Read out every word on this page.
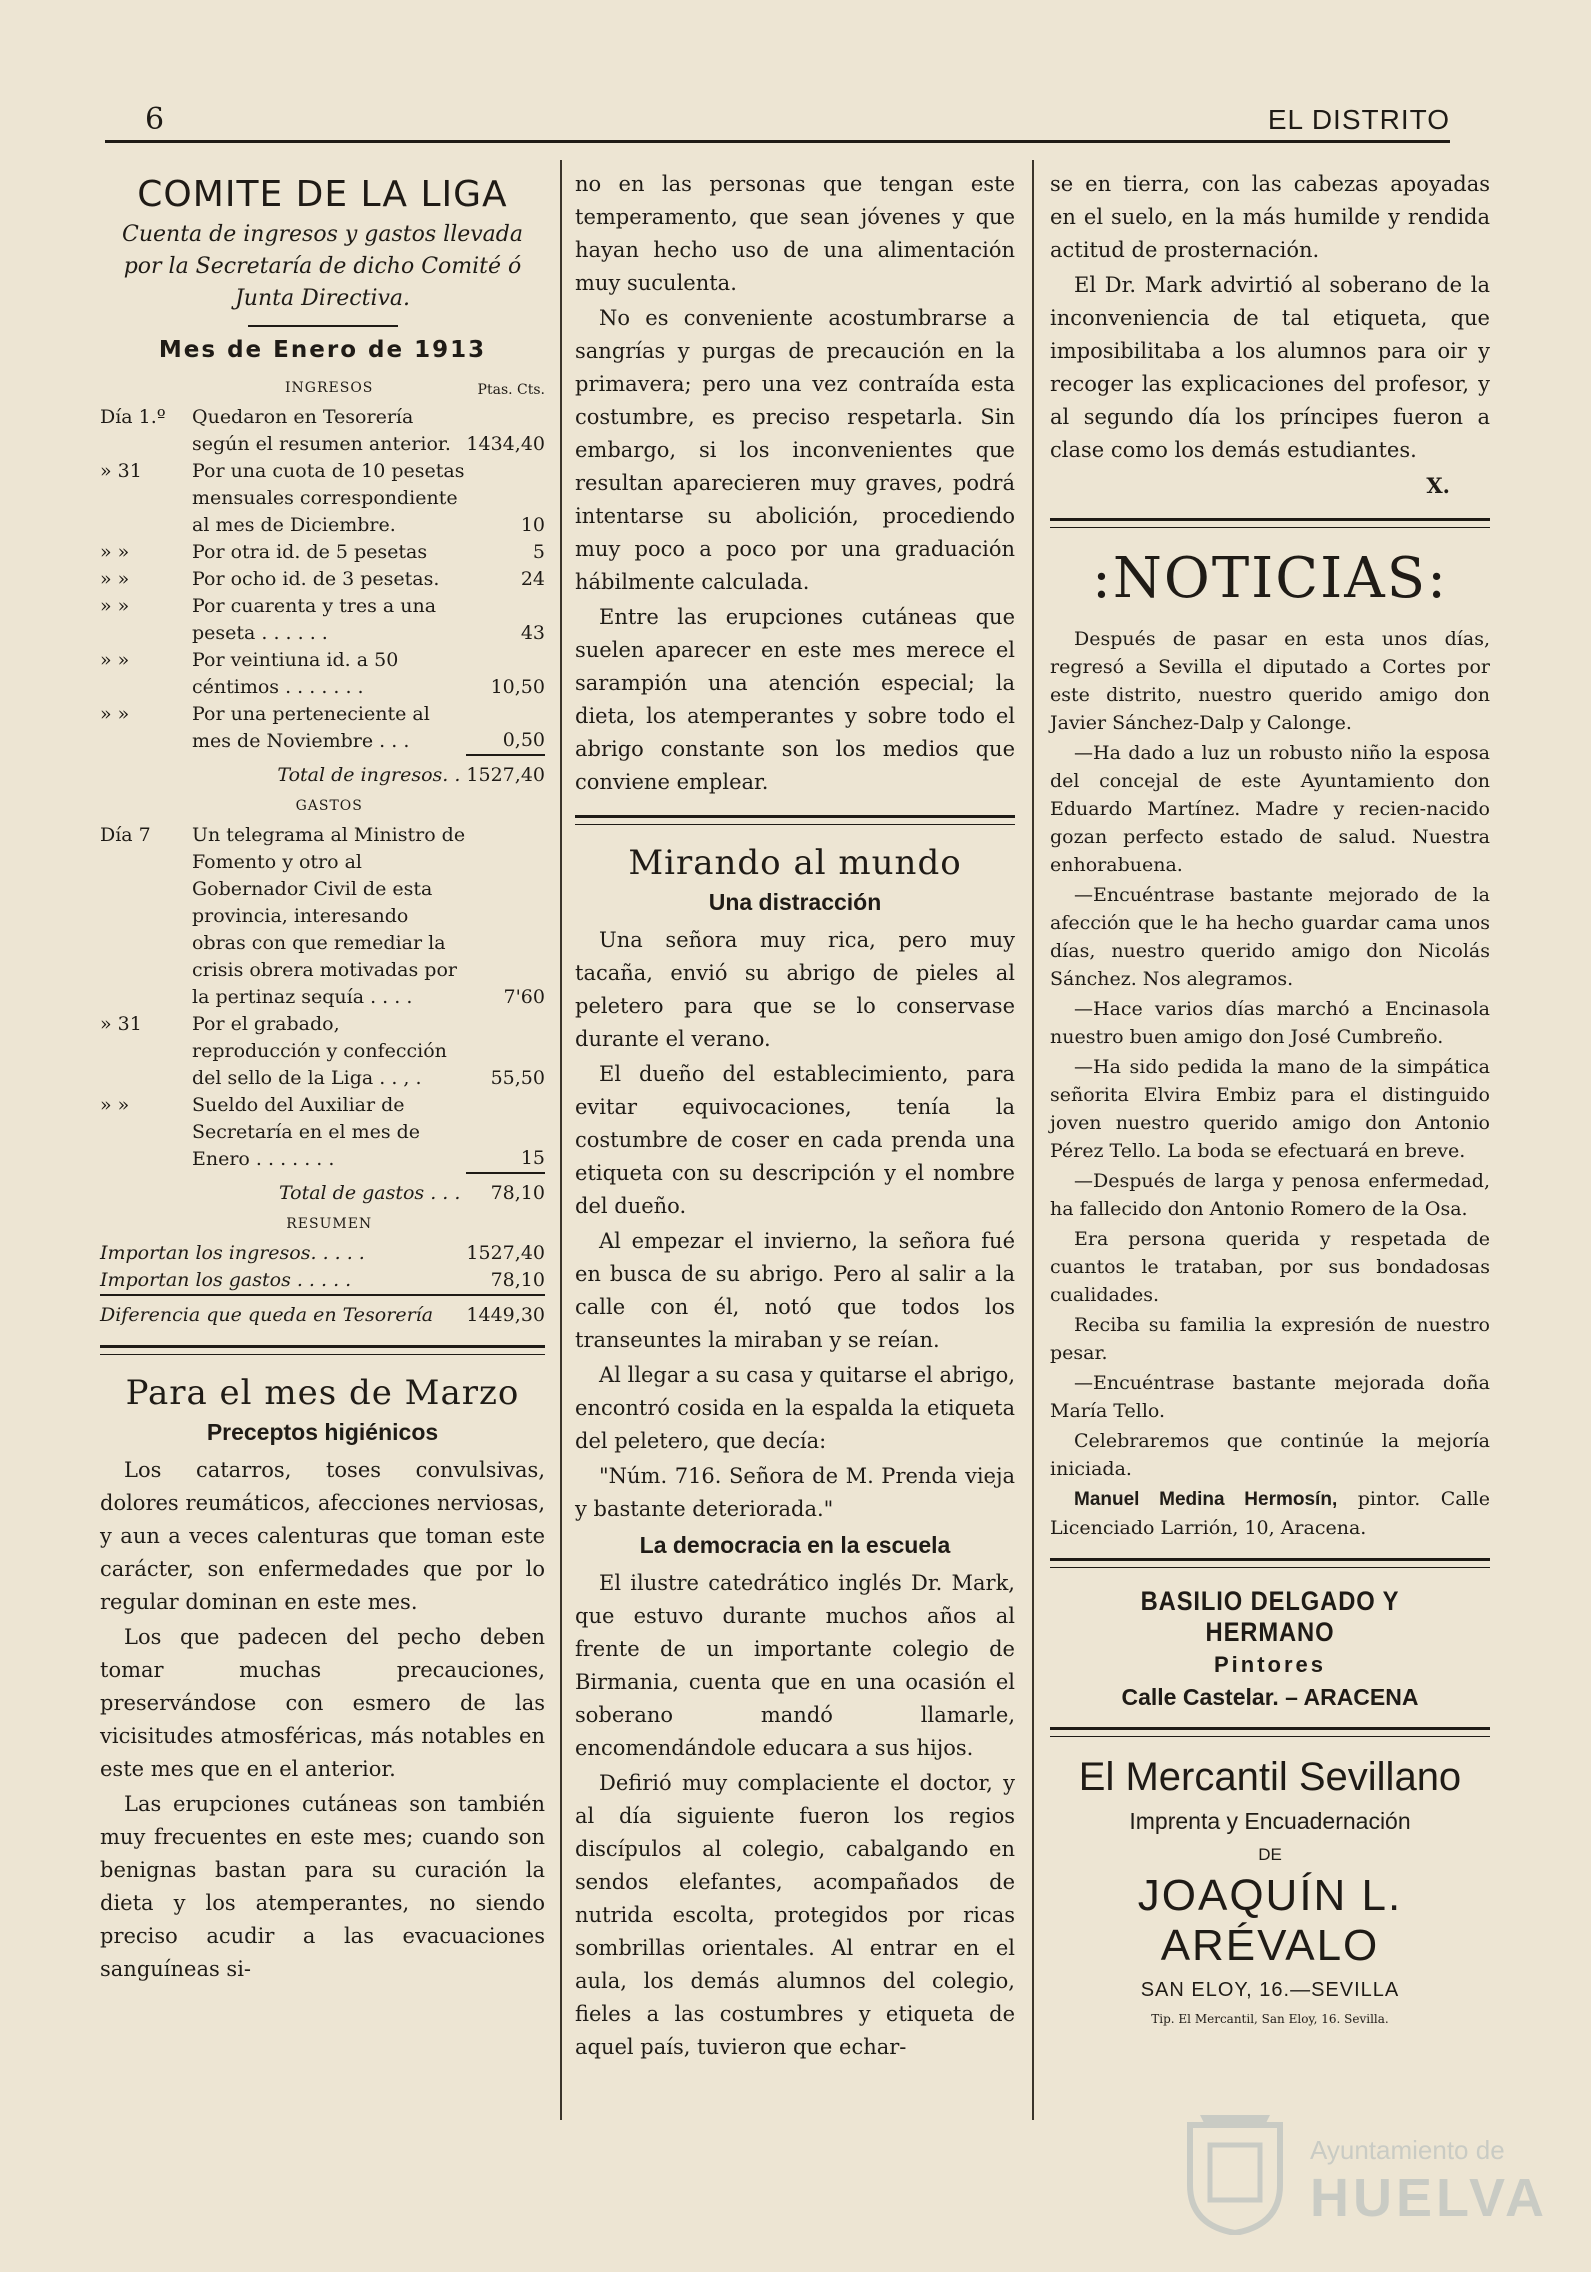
6	EL DISTRITO
COMITE DE LA LIGA
Cuenta de ingresos y gastos llevada por la Secretaría de dicho Comité ó Junta Directiva.
Mes de Enero de 1913
	INGRESOS	Ptas. Cts.
Día 1.º	Quedaron en Tesorería según el resumen anterior.	1434,40
» 31	Por una cuota de 10 pesetas mensuales correspondiente al mes de Diciembre.	10
» »	Por otra id. de 5 pesetas	5
» »	Por ocho id. de 3 pesetas.	24
» »	Por cuarenta y tres a una peseta . . . . . .	43
» »	Por veintiuna id. a 50 céntimos . . . . . . .	10,50
» »	Por una perteneciente al mes de Noviembre . . .	0,50
	Total de ingresos. .	1527,40
	GASTOS	
Día 7	Un telegrama al Ministro de Fomento y otro al Gobernador Civil de esta provincia, interesando obras con que remediar la crisis obrera motivadas por la pertinaz sequía . . . .	7'60
» 31	Por el grabado, reproducción y confección del sello de la Liga . . , .	55,50
» »	Sueldo del Auxiliar de Secretaría en el mes de Enero . . . . . . .	15
	Total de gastos . . .	78,10
	RESUMEN	
Importan los ingresos. . . . .		1527,40
Importan los gastos . . . . .		78,10
Diferencia que queda en Tesorería		1449,30
Para el mes de Marzo
Preceptos higiénicos

Los catarros, toses convulsivas, dolores reumáticos, afecciones nerviosas, y aun a veces calenturas que toman este carácter, son enfermedades que por lo regular dominan en este mes.

Los que padecen del pecho deben tomar muchas precauciones, preservándose con esmero de las vicisitudes atmosféricas, más notables en este mes que en el anterior.

Las erupciones cutáneas son también muy frecuentes en este mes; cuando son benignas bastan para su curación la dieta y los atemperantes, no siendo preciso acudir a las evacuaciones sanguíneas si-

no en las personas que tengan este temperamento, que sean jóvenes y que hayan hecho uso de una alimentación muy suculenta.

No es conveniente acostumbrarse a sangrías y purgas de precaución en la primavera; pero una vez contraída esta costumbre, es preciso respetarla. Sin embargo, si los inconvenientes que resultan aparecieren muy graves, podrá intentarse su abolición, procediendo muy poco a poco por una graduación hábilmente calculada.

Entre las erupciones cutáneas que suelen aparecer en este mes merece el sarampión una atención especial; la dieta, los atemperantes y sobre todo el abrigo constante son los medios que conviene emplear.

Mirando al mundo
Una distracción

Una señora muy rica, pero muy tacaña, envió su abrigo de pieles al peletero para que se lo conservase durante el verano.

El dueño del establecimiento, para evitar equivocaciones, tenía la costumbre de coser en cada prenda una etiqueta con su descripción y el nombre del dueño.

Al empezar el invierno, la señora fué en busca de su abrigo. Pero al salir a la calle con él, notó que todos los transeuntes la miraban y se reían.

Al llegar a su casa y quitarse el abrigo, encontró cosida en la espalda la etiqueta del peletero, que decía:

"Núm. 716. Señora de M. Prenda vieja y bastante deteriorada."

La democracia en la escuela

El ilustre catedrático inglés Dr. Mark, que estuvo durante muchos años al frente de un importante colegio de Birmania, cuenta que en una ocasión el soberano mandó llamarle, encomendándole educara a sus hijos.

Defirió muy complaciente el doctor, y al día siguiente fueron los regios discípulos al colegio, cabalgando en sendos elefantes, acompañados de nutrida escolta, protegidos por ricas sombrillas orientales. Al entrar en el aula, los demás alumnos del colegio, fieles a las costumbres y etiqueta de aquel país, tuvieron que echar-

se en tierra, con las cabezas apoyadas en el suelo, en la más humilde y rendida actitud de prosternación.

El Dr. Mark advirtió al soberano de la inconveniencia de tal etiqueta, que imposibilitaba a los alumnos para oir y recoger las explicaciones del profesor, y al segundo día los príncipes fueron a clase como los demás estudiantes.

X.

:NOTICIAS:

Después de pasar en esta unos días, regresó a Sevilla el diputado a Cortes por este distrito, nuestro querido amigo don Javier Sánchez-Dalp y Calonge.

—Ha dado a luz un robusto niño la esposa del concejal de este Ayuntamiento don Eduardo Martínez. Madre y recien-nacido gozan perfecto estado de salud. Nuestra enhorabuena.

—Encuéntrase bastante mejorado de la afección que le ha hecho guardar cama unos días, nuestro querido amigo don Nicolás Sánchez. Nos alegramos.

—Hace varios días marchó a Encinasola nuestro buen amigo don José Cumbreño.

—Ha sido pedida la mano de la simpática señorita Elvira Embiz para el distinguido joven nuestro querido amigo don Antonio Pérez Tello. La boda se efectuará en breve.

—Después de larga y penosa enfermedad, ha fallecido don Antonio Romero de la Osa.

Era persona querida y respetada de cuantos le trataban, por sus bondadosas cualidades.

Reciba su familia la expresión de nuestro pesar.

—Encuéntrase bastante mejorada doña María Tello.

Celebraremos que continúe la mejoría iniciada.

Manuel Medina Hermosín, pintor. Calle Licenciado Larrión, 10, Aracena.

BASILIO DELGADO Y HERMANO
Pintores
Calle Castelar. – ARACENA
El Mercantil Sevillano
Imprenta y Encuadernación
DE
JOAQUÍN L. ARÉVALO
SAN ELOY, 16.—SEVILLA
Tip. El Mercantil, San Eloy, 16. Sevilla.
Ayuntamiento de
HUELVA
